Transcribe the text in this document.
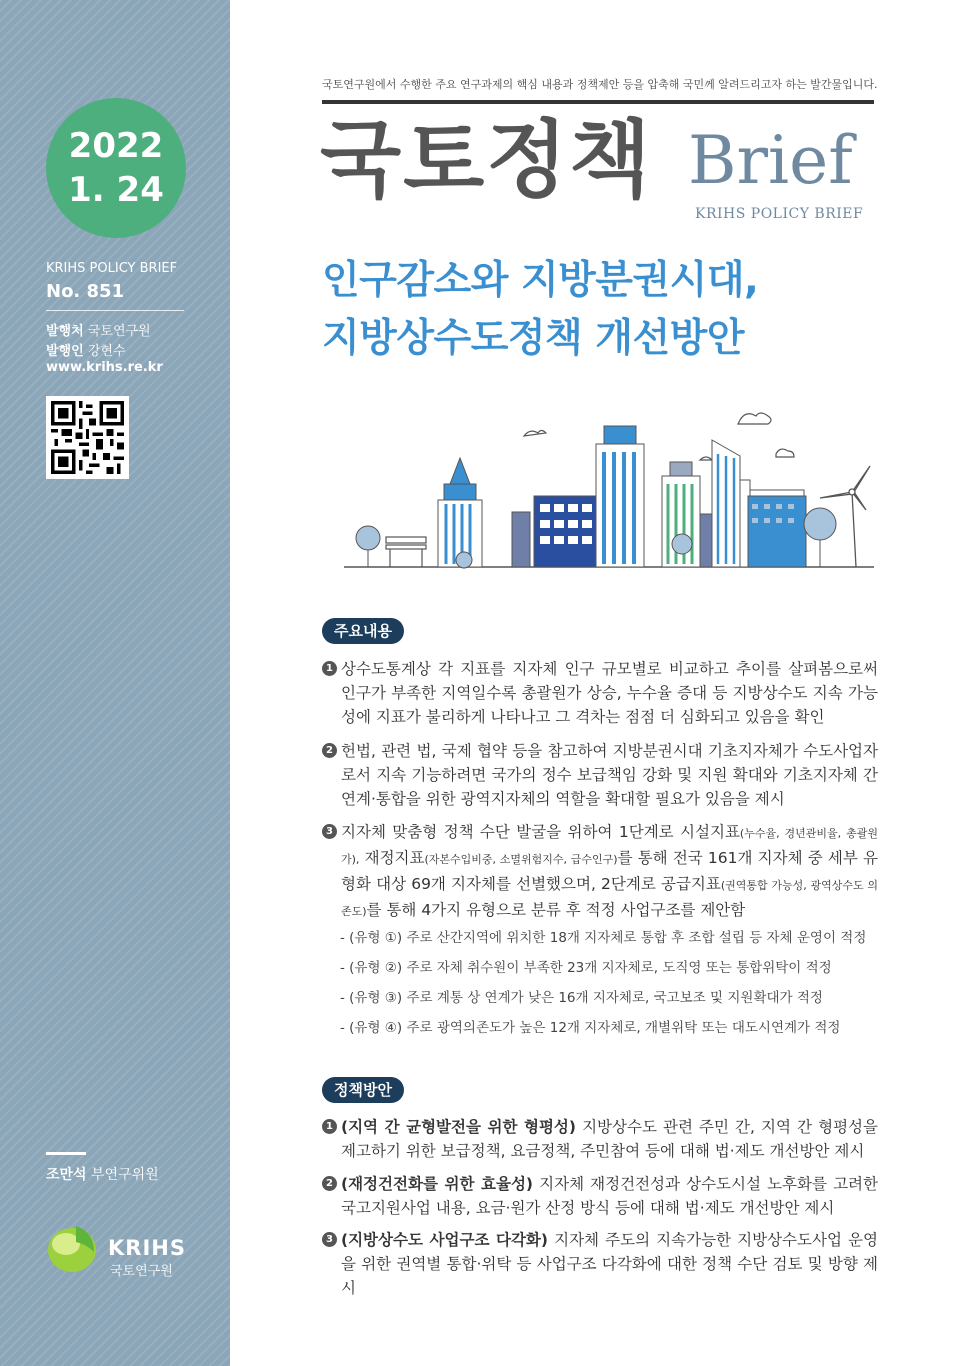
2022
1. 24
KRIHS POLICY BRIEF
No. 851
발행처 국토연구원
발행인 강현수
www.krihs.re.kr
조만석 부연구위원
KRIHS
국토연구원
국토연구원에서 수행한 주요 연구과제의 핵심 내용과 정책제안 등을 압축해 국민께 알려드리고자 하는 발간물입니다.
국토정책 Brief
KRIHS POLICY BRIEF
인구감소와 지방분권시대,
지방상수도정책 개선방안
주요내용
1 상수도통계상 각 지표를 지자체 인구 규모별로 비교하고 추이를 살펴봄으로써 인구가 부족한 지역일수록 총괄원가 상승, 누수율 증대 등 지방상수도 지속 가능성에 지표가 불리하게 나타나고 그 격차는 점점 더 심화되고 있음을 확인
2 헌법, 관련 법, 국제 협약 등을 참고하여 지방분권시대 기초지자체가 수도사업자로서 지속 기능하려면 국가의 정수 보급책임 강화 및 지원 확대와 기초지자체 간 연계·통합을 위한 광역지자체의 역할을 확대할 필요가 있음을 제시
3 지자체 맞춤형 정책 수단 발굴을 위하여 1단계로 시설지표(누수율, 경년관비율, 총괄원가), 재정지표(자본수입비중, 소멸위험지수, 급수인구)를 통해 전국 161개 지자체 중 세부 유형화 대상 69개 지자체를 선별했으며, 2단계로 공급지표(권역통합 가능성, 광역상수도 의존도)를 통해 4가지 유형으로 분류 후 적정 사업구조를 제안함
- (유형 ①) 주로 산간지역에 위치한 18개 지자체로 통합 후 조합 설립 등 자체 운영이 적정
- (유형 ②) 주로 자체 취수원이 부족한 23개 지자체로, 도직영 또는 통합위탁이 적정
- (유형 ③) 주로 계통 상 연계가 낮은 16개 지자체로, 국고보조 및 지원확대가 적정
- (유형 ④) 주로 광역의존도가 높은 12개 지자체로, 개별위탁 또는 대도시연계가 적정
정책방안
1 (지역 간 균형발전을 위한 형평성) 지방상수도 관련 주민 간, 지역 간 형평성을 제고하기 위한 보급정책, 요금정책, 주민참여 등에 대해 법·제도 개선방안 제시
2 (재정건전화를 위한 효율성) 지자체 재정건전성과 상수도시설 노후화를 고려한 국고지원사업 내용, 요금·원가 산정 방식 등에 대해 법·제도 개선방안 제시
3 (지방상수도 사업구조 다각화) 지자체 주도의 지속가능한 지방상수도사업 운영을 위한 권역별 통합·위탁 등 사업구조 다각화에 대한 정책 수단 검토 및 방향 제시
